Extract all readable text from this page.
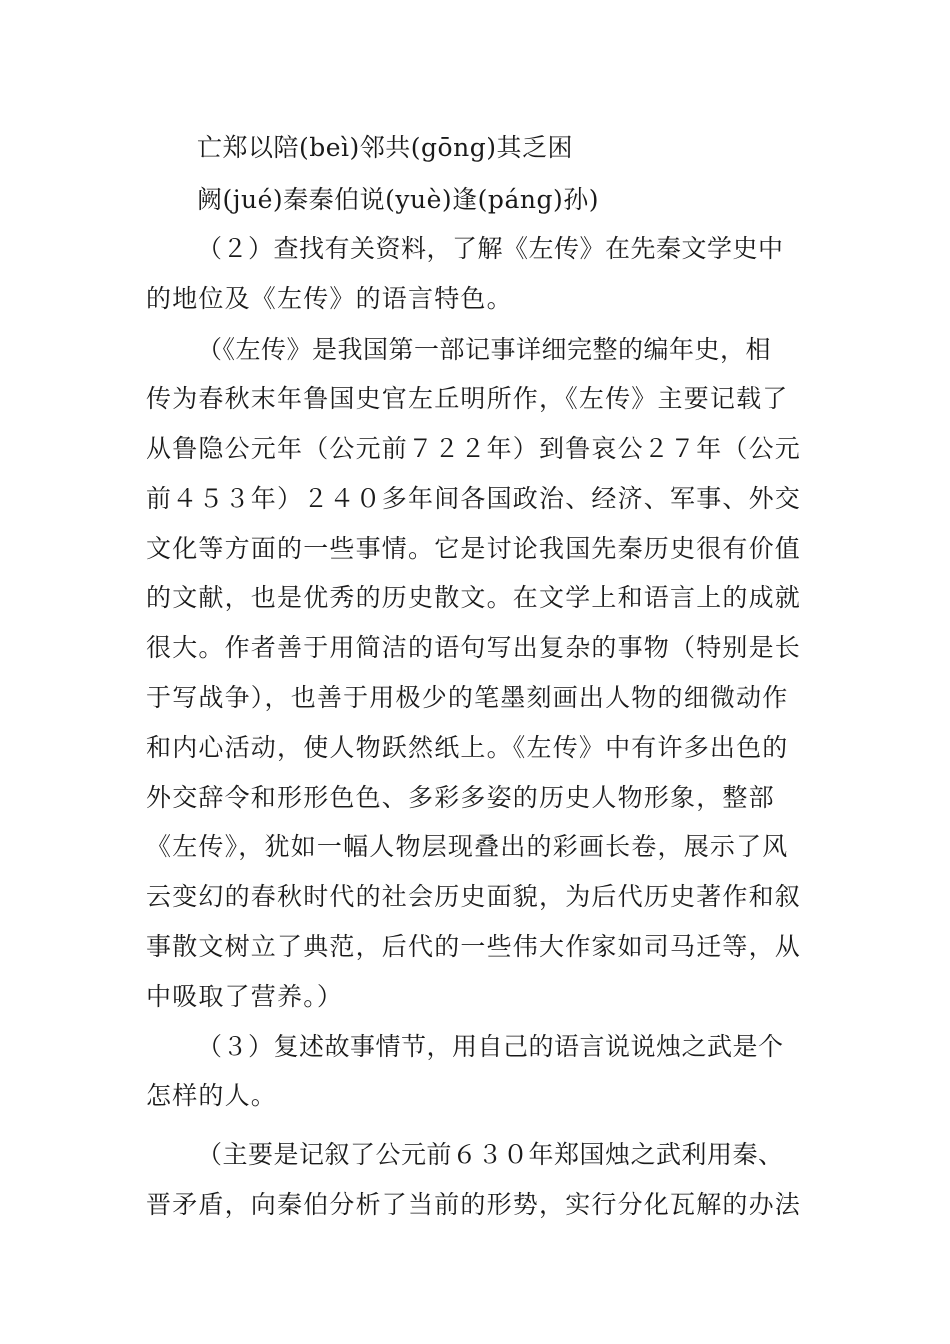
亡郑以陪(beì)邻共(gōng)其乏困
阙(jué)秦秦伯说(yuè)逢(páng)孙)
（２）查找有关资料，了解《左传》在先秦文学史中
的地位及《左传》的语言特色。
（《左传》是我国第一部记事详细完整的编年史，相
传为春秋末年鲁国史官左丘明所作，《左传》主要记载了
从鲁隐公元年（公元前７２２年）到鲁哀公２７年（公元
前４５３年）２４０多年间各国政治、经济、军事、外交
文化等方面的一些事情。它是讨论我国先秦历史很有价值
的文献，也是优秀的历史散文。在文学上和语言上的成就
很大。作者善于用简洁的语句写出复杂的事物（特别是长
于写战争），也善于用极少的笔墨刻画出人物的细微动作
和内心活动，使人物跃然纸上。《左传》中有许多出色的
外交辞令和形形色色、多彩多姿的历史人物形象，整部
《左传》，犹如一幅人物层现叠出的彩画长卷，展示了风
云变幻的春秋时代的社会历史面貌，为后代历史著作和叙
事散文树立了典范，后代的一些伟大作家如司马迁等，从
中吸取了营养。）
（３）复述故事情节，用自己的语言说说烛之武是个
怎样的人。
（主要是记叙了公元前６３０年郑国烛之武利用秦、
晋矛盾，向秦伯分析了当前的形势，实行分化瓦解的办法
